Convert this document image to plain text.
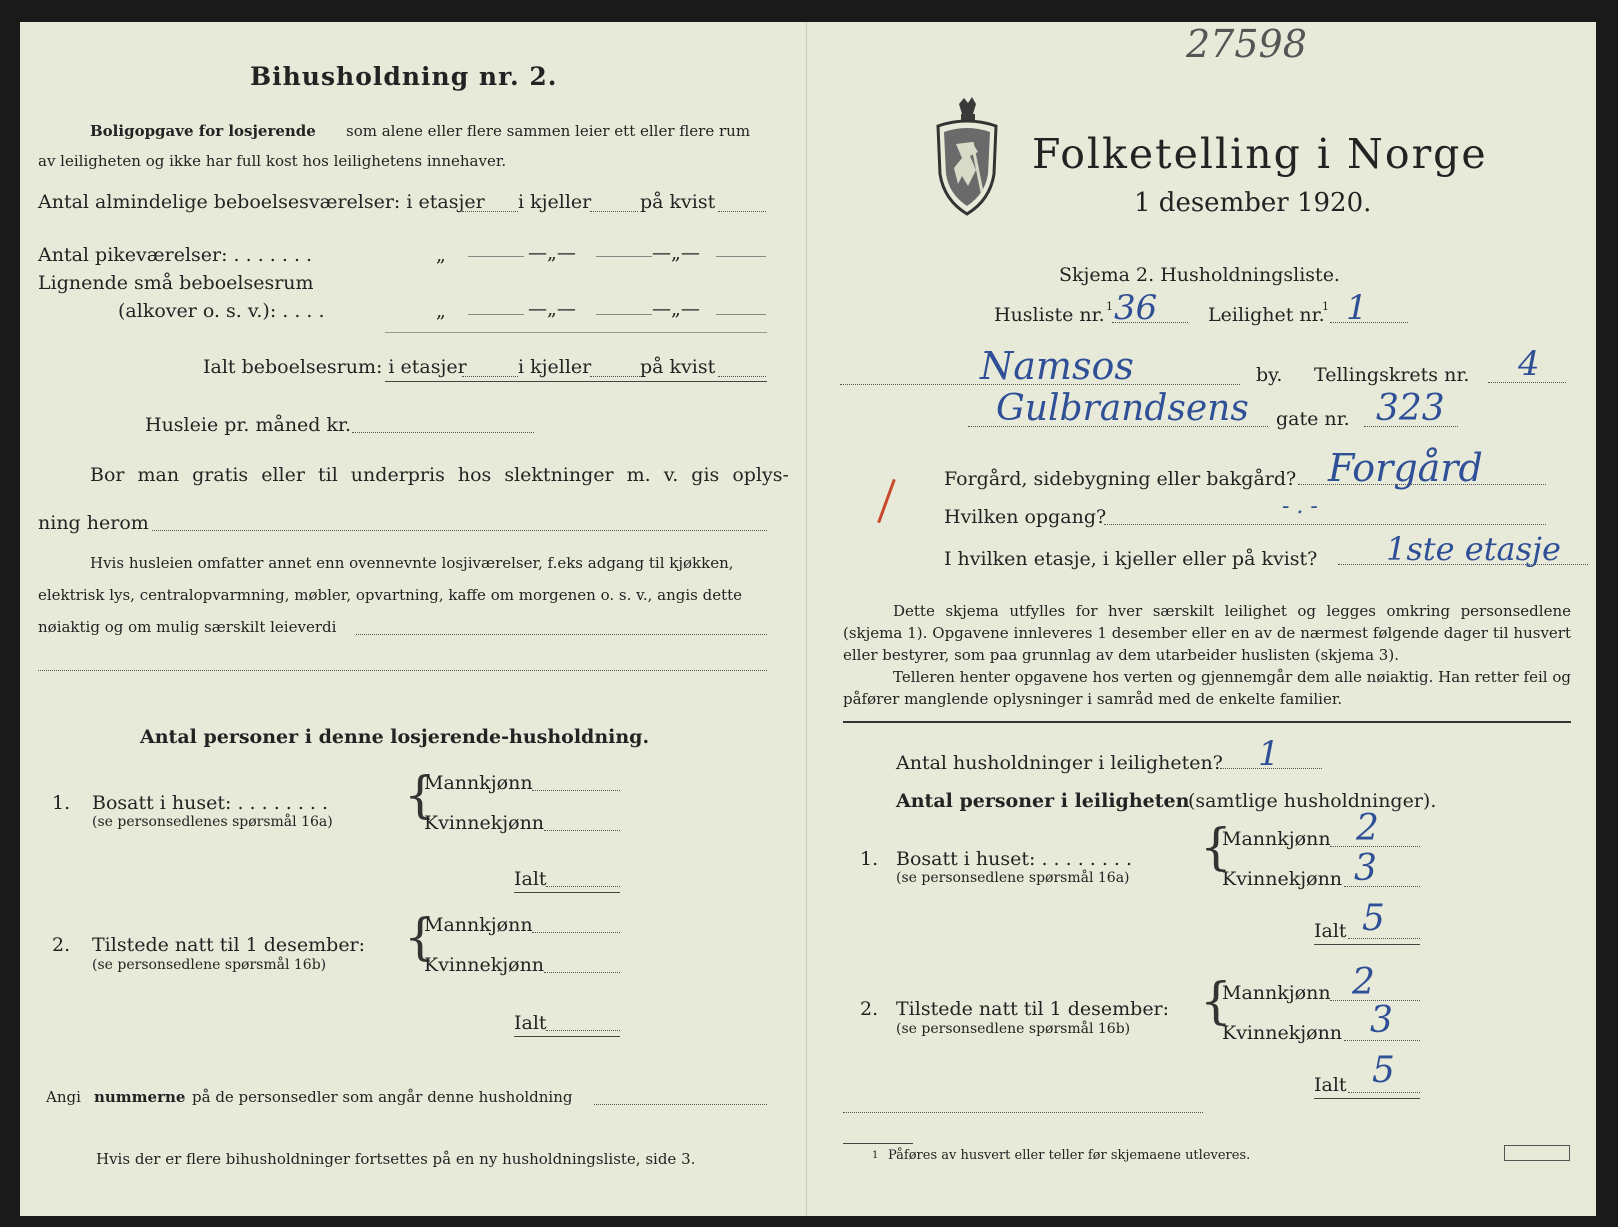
Bihusholdning nr. 2.
Boligopgave for losjerende som alene eller flere sammen leier ett eller flere rum
av leiligheten og ikke har full kost hos leilighetens innehaver.
Antal almindelige beboelsesværelser: i etasjer i kjeller	på kvist
Antal pikeværelser: . . . . . . .	„	—„—	—„—
Lignende små beboelsesrum
(alkover o. s. v.): . . . .	„	—„—	—„—
Ialt beboelsesrum: i etasjer	i kjeller	på kvist
Husleie pr. måned kr.
Bor man gratis eller til underpris hos slektninger m. v. gis oplys-
ning herom
Hvis husleien omfatter annet enn ovennevnte losjiværelser, f.eks adgang til kjøkken,
elektrisk lys, centralopvarmning, møbler, opvartning, kaffe om morgenen o. s. v., angis dette
nøiaktig og om mulig særskilt leieverdi
Antal personer i denne losjerende-husholdning.
1. Bosatt i huset: . . . . . . . .
(se personsedlenes spørsmål 16a) {
Mannkjønn
Kvinnekjønn
Ialt
2. Tilstede natt til 1 desember:
(se personsedlene spørsmål 16b) {
Mannkjønn
Kvinnekjønn
Ialt
Angi nummerne på de personsedler som angår denne husholdning
Hvis der er flere bihusholdninger fortsettes på en ny husholdningsliste, side 3.
27598
Folketelling i Norge
1 desember 1920.
Skjema 2. Husholdningsliste.
Husliste nr. 1 36	Leilighet nr.
1 1
Namsos	by. Tellingskrets nr. 4
Gulbrandsens gate nr. 323
Forgård, sidebygning eller bakgård? Forgård
Hvilken opgang?	- . -
I hvilken etasje, i kjeller eller på kvist? 1ste etasje
Dette skjema utfylles for hver særskilt leilighet og legges omkring personsedlene (skjema 1). Opgavene innleveres 1 desember eller en av de nærmest følgende dager til husvert eller bestyrer, som paa grunnlag av dem utarbeider huslisten (skjema 3).
Telleren henter opgavene hos verten og gjennemgår dem alle nøiaktig. Han retter feil og påfører manglende oplysninger i samråd med de enkelte familier.
Antal husholdninger i leiligheten? 1
Antal personer i leiligheten
(samtlige husholdninger).
1. Bosatt i huset: . . . . . . . .
(se personsedlene spørsmål 16a)
{
Mannkjønn 2
Kvinnekjønn 3
Ialt 5
2. Tilstede natt til 1 desember:
(se personsedlene spørsmål 16b) {
Mannkjønn 2
Kvinnekjønn 3
Ialt 5
1 Påføres av husvert eller teller før skjemaene utleveres.
